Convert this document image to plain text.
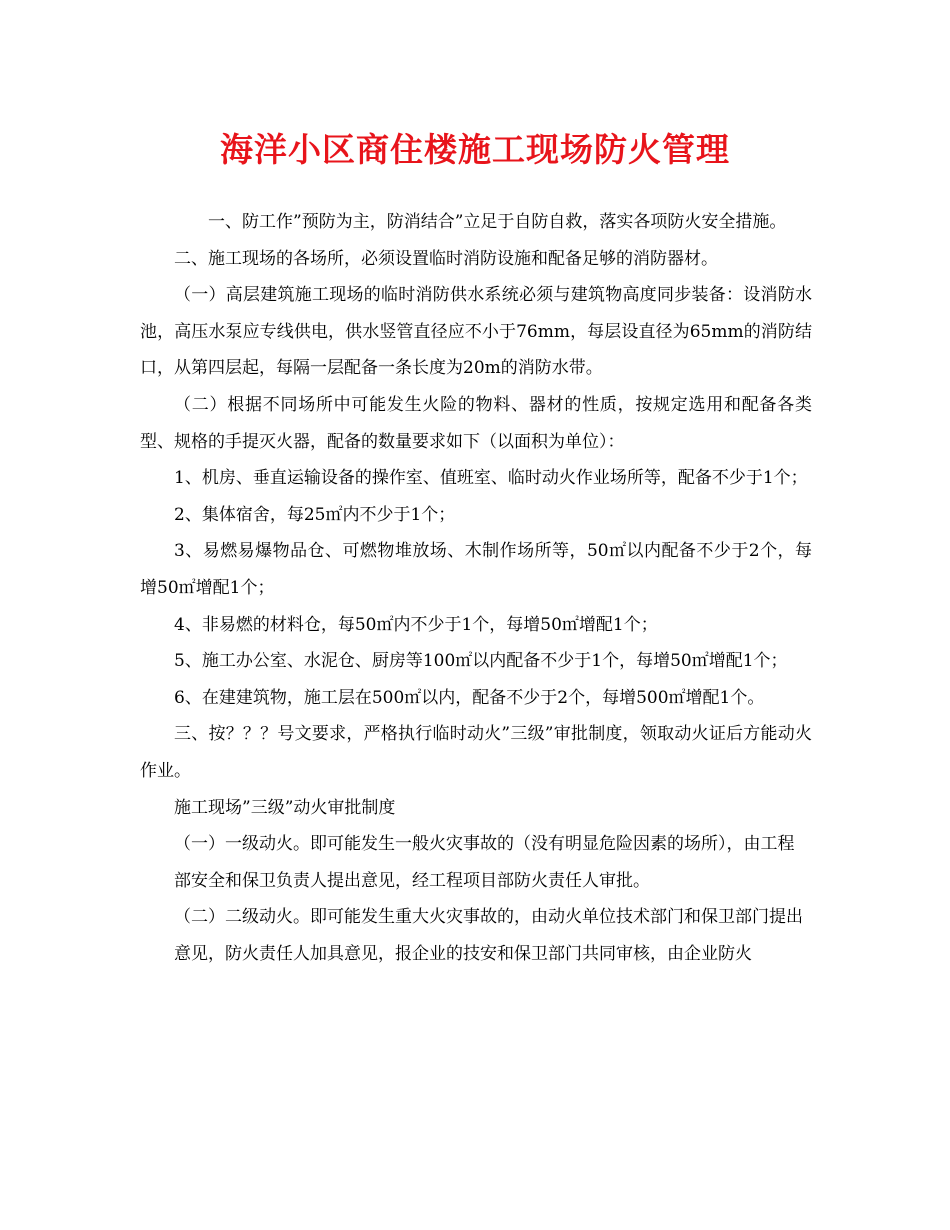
海洋小区商住楼施工现场防火管理

一、防工作”预防为主，防消结合”立足于自防自救，落实各项防火安全措施。

二、施工现场的各场所，必须设置临时消防设施和配备足够的消防器材。

（一）高层建筑施工现场的临时消防供水系统必须与建筑物高度同步装备：设消防水池，高压水泵应专线供电，供水竖管直径应不小于76mm，每层设直径为65mm的消防结口，从第四层起，每隔一层配备一条长度为20m的消防水带。

（二）根据不同场所中可能发生火险的物料、器材的性质，按规定选用和配备各类型、规格的手提灭火器，配备的数量要求如下（以面积为单位）：

1、机房、垂直运输设备的操作室、值班室、临时动火作业场所等，配备不少于1个；

2、集体宿舍，每25㎡内不少于1个；

3、易燃易爆物品仓、可燃物堆放场、木制作场所等，50㎡以内配备不少于2个，每增50㎡增配1个；

4、非易燃的材料仓，每50㎡内不少于1个，每增50㎡增配1个；

5、施工办公室、水泥仓、厨房等100㎡以内配备不少于1个，每增50㎡增配1个；

6、在建建筑物，施工层在500㎡以内，配备不少于2个，每增500㎡增配1个。

三、按？？？号文要求，严格执行临时动火”三级”审批制度，领取动火证后方能动火作业。

施工现场”三级”动火审批制度

（一）一级动火。即可能发生一般火灾事故的（没有明显危险因素的场所），由工程

部安全和保卫负责人提出意见，经工程项目部防火责任人审批。

（二）二级动火。即可能发生重大火灾事故的，由动火单位技术部门和保卫部门提出

意见，防火责任人加具意见，报企业的技安和保卫部门共同审核，由企业防火
